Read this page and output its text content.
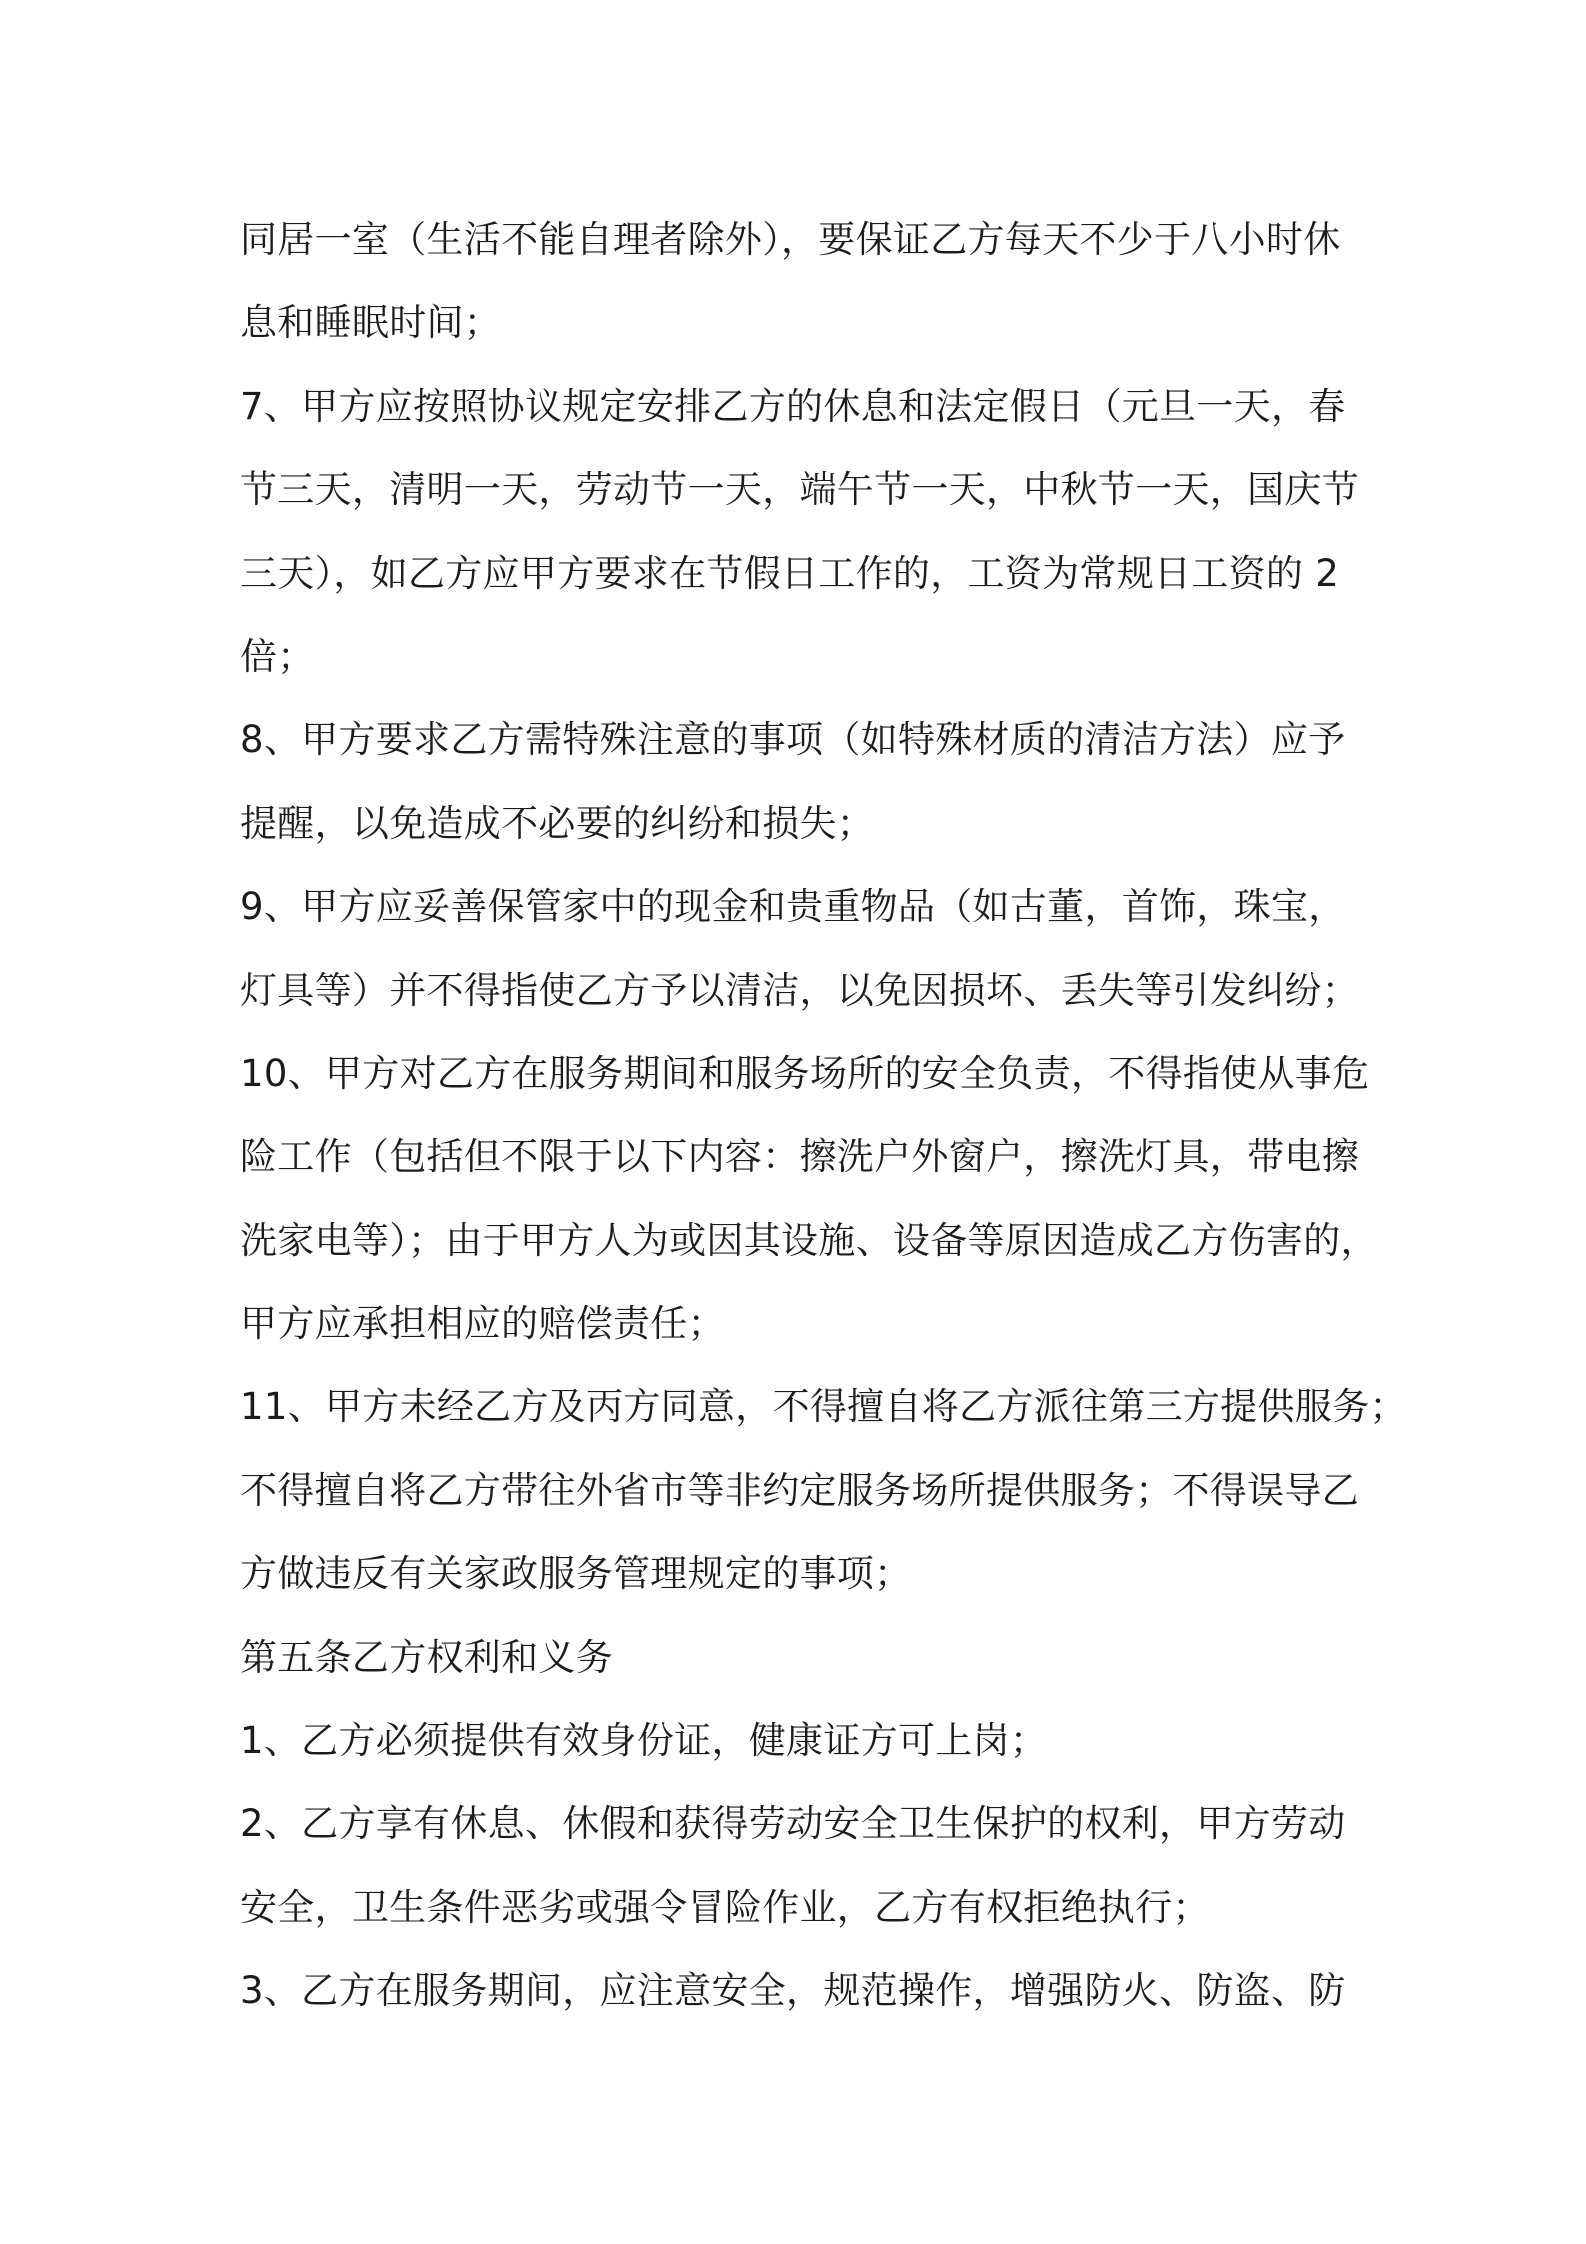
同居一室（生活不能自理者除外），要保证乙方每天不少于八小时休

息和睡眠时间；

7、甲方应按照协议规定安排乙方的休息和法定假日（元旦一天，春

节三天，清明一天，劳动节一天，端午节一天，中秋节一天，国庆节

三天），如乙方应甲方要求在节假日工作的，工资为常规日工资的 2

倍；

8、甲方要求乙方需特殊注意的事项（如特殊材质的清洁方法）应予

提醒，以免造成不必要的纠纷和损失；

9、甲方应妥善保管家中的现金和贵重物品（如古董，首饰，珠宝，

灯具等）并不得指使乙方予以清洁，以免因损坏、丢失等引发纠纷；

10、甲方对乙方在服务期间和服务场所的安全负责，不得指使从事危

险工作（包括但不限于以下内容：擦洗户外窗户，擦洗灯具，带电擦

洗家电等）；由于甲方人为或因其设施、设备等原因造成乙方伤害的，

甲方应承担相应的赔偿责任；

11、甲方未经乙方及丙方同意，不得擅自将乙方派往第三方提供服务；

不得擅自将乙方带往外省市等非约定服务场所提供服务；不得误导乙

方做违反有关家政服务管理规定的事项；

第五条乙方权利和义务

1、乙方必须提供有效身份证，健康证方可上岗；

2、乙方享有休息、休假和获得劳动安全卫生保护的权利，甲方劳动

安全，卫生条件恶劣或强令冒险作业，乙方有权拒绝执行；

3、乙方在服务期间，应注意安全，规范操作，增强防火、防盗、防
